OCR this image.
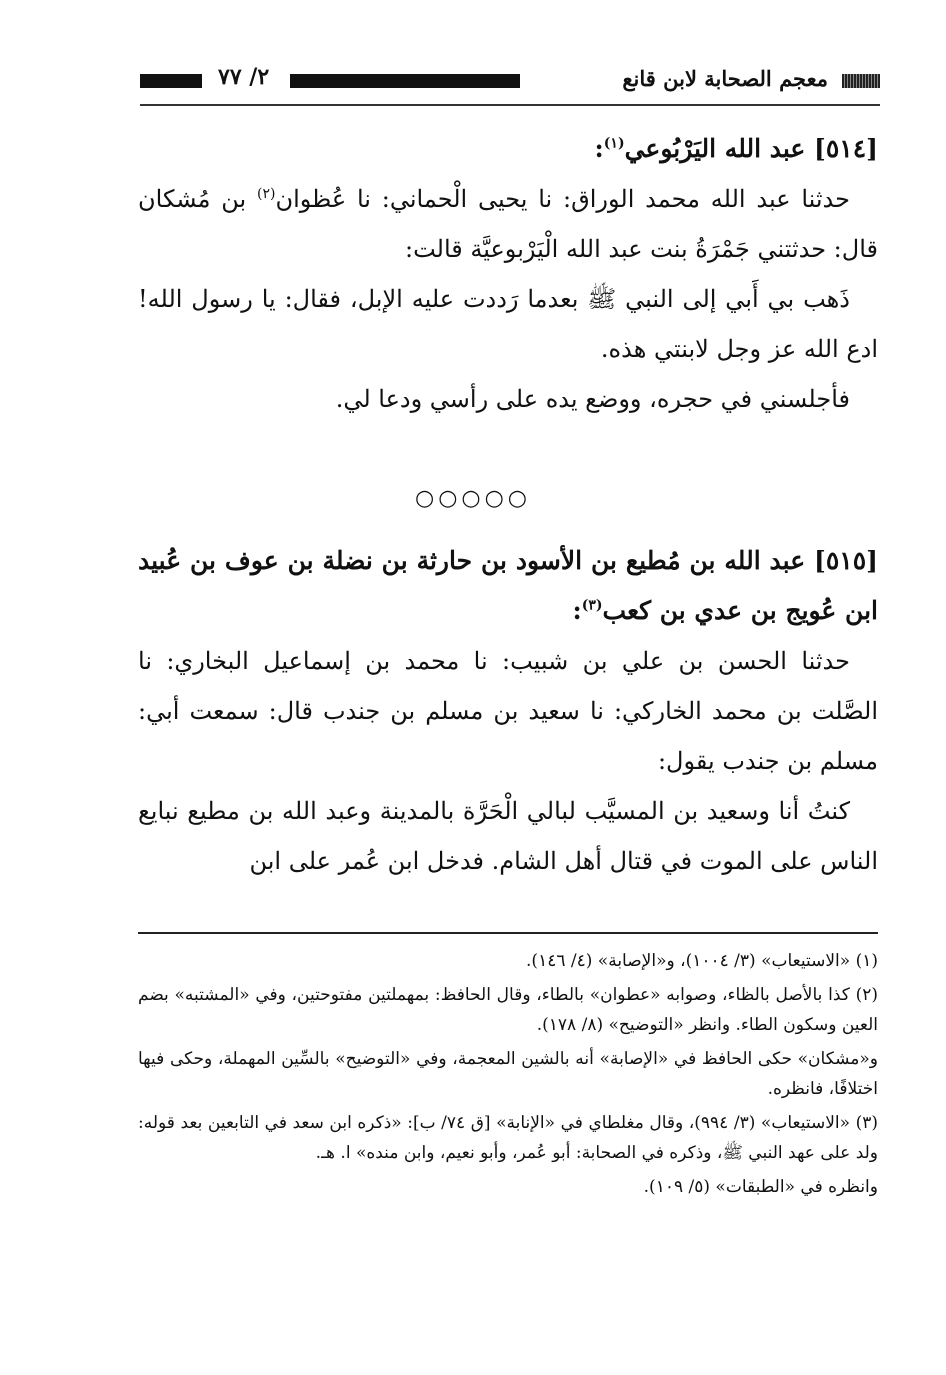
معجم الصحابة لابن قانع
٢/ ٧٧
[٥١٤] عبد الله اليَرْبُوعي$^{(١)}$:
حدثنا عبد الله محمد الوراق: نا يحيى الْحماني: نا عُظوان$^{(٢)}$ بن مُشكان قال: حدثتني جَمْرَةُ بنت عبد الله الْيَرْبوعيَّة قالت:
ذَهب بي أَبي إلى النبي ﷺ بعدما رَددت عليه الإبل، فقال: يا رسول الله! ادع الله عز وجل لابنتي هذه.
فأجلسني في حجره، ووضع يده على رأسي ودعا لي.
○○○○○
[٥١٥] عبد الله بن مُطيع بن الأسود بن حارثة بن نضلة بن عوف بن عُبيد ابن عُويج بن عدي بن كعب$^{(٣)}$:
حدثنا الحسن بن علي بن شبيب: نا محمد بن إسماعيل البخاري: نا الصَّلت بن محمد الخاركي: نا سعيد بن مسلم بن جندب قال: سمعت أبي: مسلم بن جندب يقول:
كنتُ أنا وسعيد بن المسيَّب لبالي الْحَرَّة بالمدينة وعبد الله بن مطيع نبايع الناس على الموت في قتال أهل الشام. فدخل ابن عُمر على ابن

(١) «الاستيعاب» (٣/ ١٠٠٤)، و«الإصابة» (٤/ ١٤٦).

(٢) كذا بالأصل بالظاء، وصوابه «عطوان» بالطاء، وقال الحافظ: بمهملتين مفتوحتين، وفي «المشتبه» بضم العين وسكون الطاء. وانظر «التوضيح» (٨/ ١٧٨).

و«مشكان» حكى الحافظ في «الإصابة» أنه بالشين المعجمة، وفي «التوضيح» بالسِّين المهملة، وحكى فيها اختلافًا، فانظره.

(٣) «الاستيعاب» (٣/ ٩٩٤)، وقال مغلطاي في «الإنابة» [ق ٧٤/ ب]: «ذكره ابن سعد في التابعين بعد قوله: ولد على عهد النبي ﷺ، وذكره في الصحابة: أبو عُمر، وأبو نعيم، وابن منده» ا. هـ.

وانظره في «الطبقات» (٥/ ١٠٩).
